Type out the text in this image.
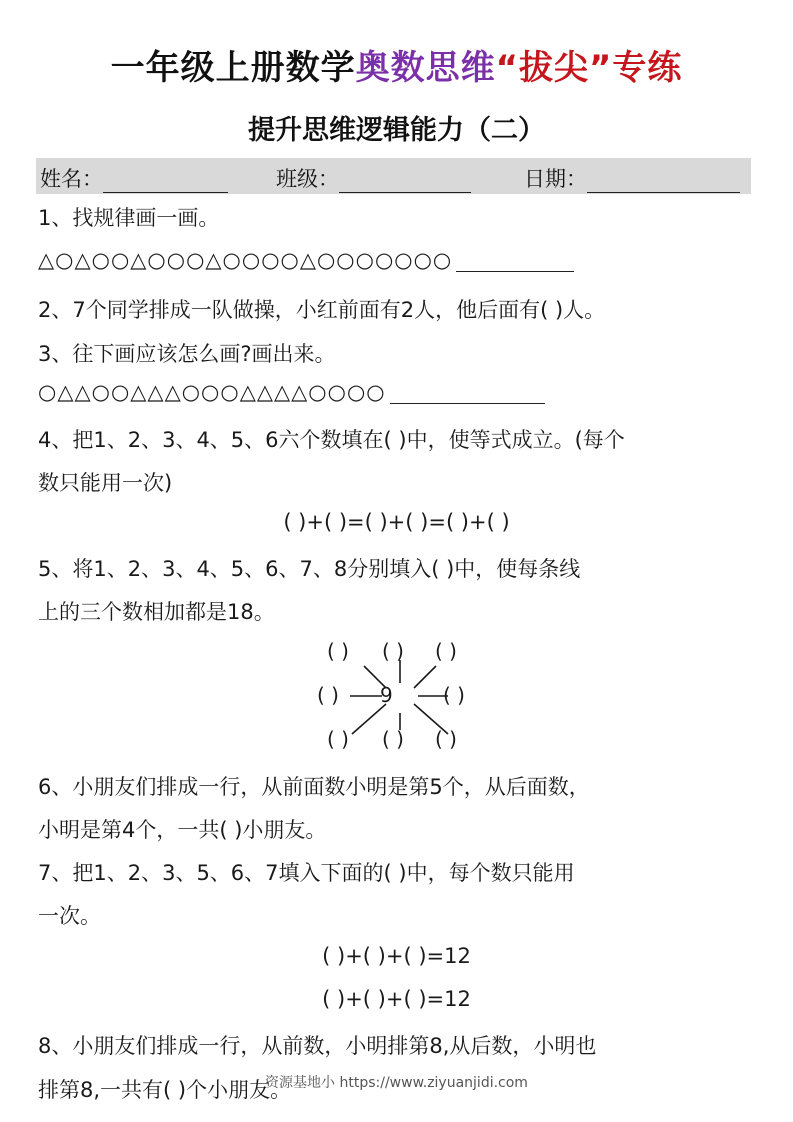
一年级上册数学奥数思维“拔尖”专练
提升思维逻辑能力（二）
姓名：	班级：	日期：
1、找规律画一画。
△○△○○△○○○△○○○○△○○○○○○○
2、7个同学排成一队做操，小红前面有2人，他后面有( )人。
3、往下画应该怎么画?画出来。
○△△○○△△△○○○△△△△○○○○
4、把1、2、3、4、5、6六个数填在( )中，使等式成立。(每个
数只能用一次)
( )+( )=( )+( )=( )+( )
5、将1、2、3、4、5、6、7、8分别填入( )中，使每条线
上的三个数相加都是18。
( ) ( ) ( )
( ) 9	( )
( ) ( ) ( )
6、小朋友们排成一行，从前面数小明是第5个，从后面数，
小明是第4个，一共( )小朋友。
7、把1、2、3、5、6、7填入下面的( )中，每个数只能用
一次。
( )+( )+( )=12
( )+( )+( )=12
8、小朋友们排成一行，从前数，小明排第8,从后数，小明也
排第8,一共有( )个小朋友。
资源基地小 https://www.ziyuanjidi.com
